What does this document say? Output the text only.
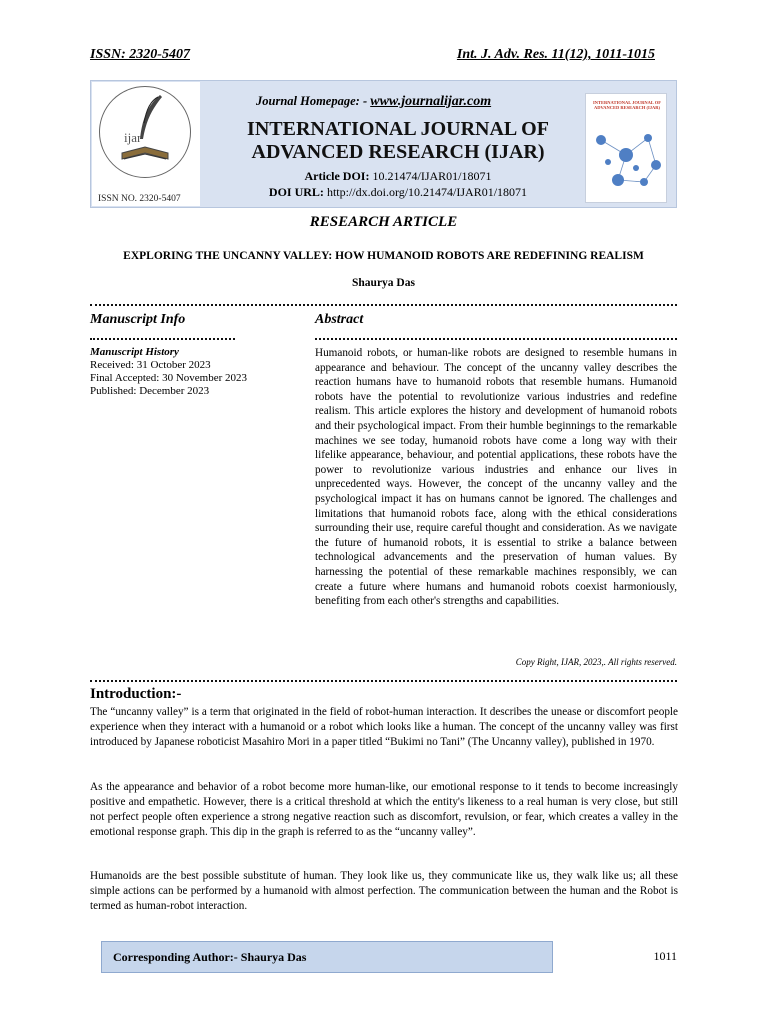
ISSN: 2320-5407	Int. J. Adv. Res. 11(12), 1011-1015
ijar
ISSN NO. 2320-5407
Journal Homepage: - www.journalijar.com
INTERNATIONAL JOURNAL OF
ADVANCED RESEARCH (IJAR)
Article DOI: 10.21474/IJAR01/18071
DOI URL: http://dx.doi.org/10.21474/IJAR01/18071
INTERNATIONAL JOURNAL OF ADVANCED RESEARCH (IJAR)
RESEARCH ARTICLE
EXPLORING THE UNCANNY VALLEY: HOW HUMANOID ROBOTS ARE REDEFINING REALISM
Shaurya Das
Manuscript Info
Manuscript History
Received: 31 October 2023
Final Accepted: 30 November 2023
Published: December 2023
Abstract
Humanoid robots, or human-like robots are designed to resemble humans in appearance and behaviour. The concept of the uncanny valley describes the reaction humans have to humanoid robots that resemble humans. Humanoid robots have the potential to revolutionize various industries and redefine realism. This article explores the history and development of humanoid robots and their psychological impact. From their humble beginnings to the remarkable machines we see today, humanoid robots have come a long way with their lifelike appearance, behaviour, and potential applications, these robots have the power to revolutionize various industries and enhance our lives in unprecedented ways. However, the concept of the uncanny valley and the psychological impact it has on humans cannot be ignored. The challenges and limitations that humanoid robots face, along with the ethical considerations surrounding their use, require careful thought and consideration. As we navigate the future of humanoid robots, it is essential to strike a balance between technological advancements and the preservation of human values. By harnessing the potential of these remarkable machines responsibly, we can create a future where humans and humanoid robots coexist harmoniously, benefiting from each other's strengths and capabilities.
Copy Right, IJAR, 2023,. All rights reserved.
Introduction:-
The “uncanny valley” is a term that originated in the field of robot-human interaction. It describes the unease or discomfort people experience when they interact with a humanoid or a robot which looks like a human. The concept of the uncanny valley was first introduced by Japanese roboticist Masahiro Mori in a paper titled “Bukimi no Tani” (The Uncanny valley), published in 1970.
As the appearance and behavior of a robot become more human-like, our emotional response to it tends to become increasingly positive and empathetic. However, there is a critical threshold at which the entity's likeness to a real human is very close, but still not perfect people often experience a strong negative reaction such as discomfort, revulsion, or fear, which creates a valley in the emotional response graph. This dip in the graph is referred to as the “uncanny valley”.
Humanoids are the best possible substitute of human. They look like us, they communicate like us, they walk like us; all these simple actions can be performed by a humanoid with almost perfection. The communication between the human and the Robot is termed as human-robot interaction.
Corresponding Author:- Shaurya Das	1011
